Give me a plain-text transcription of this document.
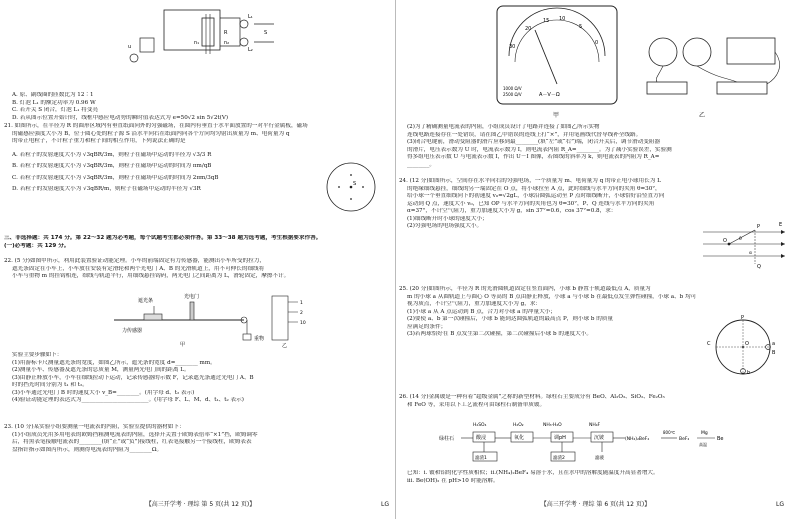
n₁	n₂
L₁
L₂
S
R
u

A. 原、副线圈的匝数比为 12∶1

B. 灯泡 L₁ 的额定功率为 0.96 W

C. 若开关 S 闭合，灯泡 L₁ 将变亮

D. 若从图示位置开始计时，线框中感应电动势的瞬时值表达式为 e=50√2 sin 5√2t(V)

21. 如图所示，在半径为 R 的圆形区域内有垂直纸面向外的匀强磁场，在圆内有垂直于水平面放置的一对平行金属板，磁场

的磁感应强度大小为 B，位于圆心处的粒子源 S 沿水平向右在纸面内向各个方向均匀射出质量为 m、电荷量为 q

的带正电粒子，不计粒子重力和粒子间的相互作用，下列说法正确的是

A. 若粒子的发射速度大小为 √3qBR/3m，则粒子在磁场中运动的半径为 √3/3 R

B. 若粒子的发射速度大小为 √3qBR/3m，则粒子在磁场中运动的时间为 πm/qB

C. 若粒子的发射速度大小为 √3qBR/3m，则粒子在磁场中运动的时间为 2πm/3qB

D. 若粒子的发射速度大小为 √3qBR/m，则粒子在磁场中运动的半径为 √3R

S

三、非选择题：共 174 分。第 22～32 题为必考题，每个试题考生都必须作答。第 33～38 题为选考题，考生根据要求作答。

(一)必考题：共 129 分。

22. (5 分)如图甲所示，利用此装置验证动能定理。小车的前端固定有力传感器，能测出小车所受的拉力，

遮光条固定在小车上，小车放在安装有定滑轮和两个光电门 A、B 的光滑轨道上，用不可伸长的细线将

小车与重物 m 的挂钩相连，细线与轨道平行，用细线悬挂钩码，两光电门之间距离为 L，滑轮固定，摩擦不计。

遮光条
光电门
力传感器
重物
甲
1
2
10
乙

实验主要步骤如下：

(1)用游标卡尺测量遮光条的宽度，如图乙所示，遮光条的宽度 d=________ mm。

(2)测量小车、传感器及遮光条的总质量 M，测量两光电门间的距离 L。

(3)由静止释放小车，小车在细线拉动下运动，记录传感器的示数 F，记录遮光条通过光电门 A、B

时的挡光时间分别为 t₁ 和 t₂。

(3)小车通过光电门 B 时的速度大小 v_B=________。(用字母 d、t₂ 表示)

(4)验证动能定理的表达式为________________________。(用字母 F、L、M、d、t₁、t₂ 表示)

23. (10 分)某实验小组要测量一电流表的内阻，实验室提供的器材如下：

(1)小组成员先用多用电表的欧姆挡粗测电流表的内阻，选择开关置于欧姆表倍率“×1”挡，欧姆调零

后，将黑表笔接触电流表的________(填“正”或“负”)接线柱，红表笔接触另一个接线柱，欧姆表表

盘指针指示如图丙所示，则测得电流表的内阻为________Ω。

【高三开学考 · 理综 第 5 页(共 12 页)】	LG
30
20
15 10
5
0
1000 Ω/V
2500 Ω/V	A－V－Ω
甲	乙

(2)为了精确测量电流表的内阻，小组成员设计了电路并连接了如图乙所示实物

连线电路连接存在一处错误，请在图乙中错误的连线上打“×”，并用笔画线代替导线补全线路。

(3)闭合电键前，滑动变阻器的滑片应移到最________(填“左”或“右”)端，闭合开关后，调节滑动变阻器

的滑片，电压表示数为 U 时，电流表示数为 I，则电流表内阻 R_A=________。为了减小实验误差，实验测

得多组电压表示数 U 与电流表示数 I，作出 U－I 图像，若图线的斜率为 k，则电流表的内阻为 R_A=

________。

24. (12 分)如图所示，空间存在水平向右的匀强电场，一个质量为 m、电荷量为 q 的带正电小球用长为 L

的绝缘细线悬挂，细线的另一端固定在 O 点，将小球拉至 A 点，此时细线与水平方向的夹角 θ=30°，

给小球一个垂直细线向下的初速度 v₀=√2gL，小球沿圆弧运动至 P 点时细线断开，小球恰好沿竖直方向

运动到 Q 点，速度大小 v₀，已知 OP 与水平方向的夹角也为 θ=30°，P、Q 连线与水平方向的夹角

α=37°，不计空气阻力，重力加速度大小为 g，sin 37°=0.6，cos 37°=0.8，求：

(1)细线断开时小球的速度大小；

(2)匀强电场的电场强度大小。

O
P
Q
θ
α
E

25. (20 分)如图所示，半径为 R 的光滑圆轨道固定在竖直面内，小球 b 静置于轨道最低点 A，质量为

m 的小球 a 从圆轨道上与圆心 O 等高的 B 点由静止释放，小球 a 与小球 b 在最低点发生弹性碰撞，小球 a、b 均可

视为质点，不计空气阻力，重力加速度大小为 g，求：

(1)小球 a 从 A 点运动到 B 点，合力对小球 a 的冲量大小；

(2)要使 a、b 第一次碰撞后，小球 b 能到达圆弧轨道的最高点 P，则小球 b 的质量

应满足的条件；

(3)若两球恰好在 B 点发生第二次碰撞，第二次碰撞后小球 b 的速度大小。

O	a
b
P
C
B

26. (14 分)金属铍是一种有着“超级金属”之称的新型材料。绿柱石主要成分有 BeO、Al₂O₃、SiO₂、Fe₂O₃

和 FeO 等，采用以下工艺流程可由绿柱石制备单质铍。

绿柱石	酸浸
H₂SO₄
滤渣1
氧化
H₂O₂
调pH
NH₃·H₂O
滤渣2
沉铍
NH₄F
滤液
(NH₄)₂BeF₄
800℃
BeF₂
Mg
高温
Be

已知：i. 铍和铝的化学性质相似；ii.(NH₄)₂BeF₄ 易溶于水，且在水中的溶解度随温度升高显著增大。

iii. Be(OH)₂ 在 pH>10 时能溶解。

【高三开学考 · 理综 第 6 页(共 12 页)】	LG
